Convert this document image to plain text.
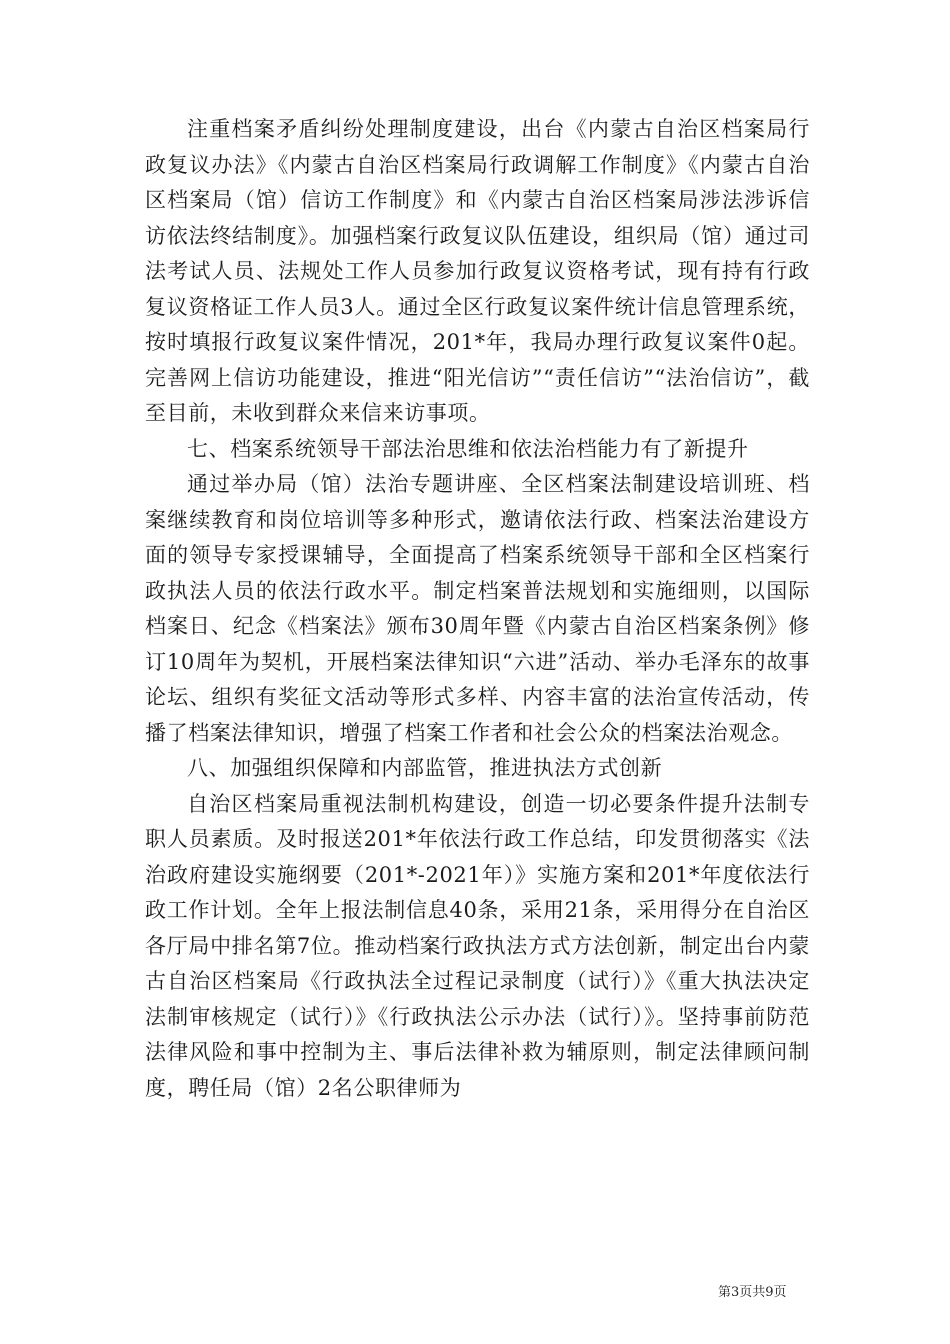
注重档案矛盾纠纷处理制度建设，出台《内蒙古自治区档案局行政复议办法》《内蒙古自治区档案局行政调解工作制度》《内蒙古自治区档案局（馆）信访工作制度》和《内蒙古自治区档案局涉法涉诉信访依法终结制度》。加强档案行政复议队伍建设，组织局（馆）通过司法考试人员、法规处工作人员参加行政复议资格考试，现有持有行政复议资格证工作人员3人。通过全区行政复议案件统计信息管理系统，按时填报行政复议案件情况，201*年，我局办理行政复议案件0起。完善网上信访功能建设，推进“阳光信访”“责任信访”“法治信访”，截至目前，未收到群众来信来访事项。

七、档案系统领导干部法治思维和依法治档能力有了新提升

通过举办局（馆）法治专题讲座、全区档案法制建设培训班、档案继续教育和岗位培训等多种形式，邀请依法行政、档案法治建设方面的领导专家授课辅导，全面提高了档案系统领导干部和全区档案行政执法人员的依法行政水平。制定档案普法规划和实施细则，以国际档案日、纪念《档案法》颁布30周年暨《内蒙古自治区档案条例》修订10周年为契机，开展档案法律知识“六进”活动、举办毛泽东的故事论坛、组织有奖征文活动等形式多样、内容丰富的法治宣传活动，传播了档案法律知识，增强了档案工作者和社会公众的档案法治观念。

八、加强组织保障和内部监管，推进执法方式创新

自治区档案局重视法制机构建设，创造一切必要条件提升法制专职人员素质。及时报送201*年依法行政工作总结，印发贯彻落实《法治政府建设实施纲要（201*-2021年）》实施方案和201*年度依法行政工作计划。全年上报法制信息40条，采用21条，采用得分在自治区各厅局中排名第7位。推动档案行政执法方式方法创新，制定出台内蒙古自治区档案局《行政执法全过程记录制度（试行）》《重大执法决定法制审核规定（试行）》《行政执法公示办法（试行）》。坚持事前防范法律风险和事中控制为主、事后法律补救为辅原则，制定法律顾问制度，聘任局（馆）2名公职律师为

第3页共9页
